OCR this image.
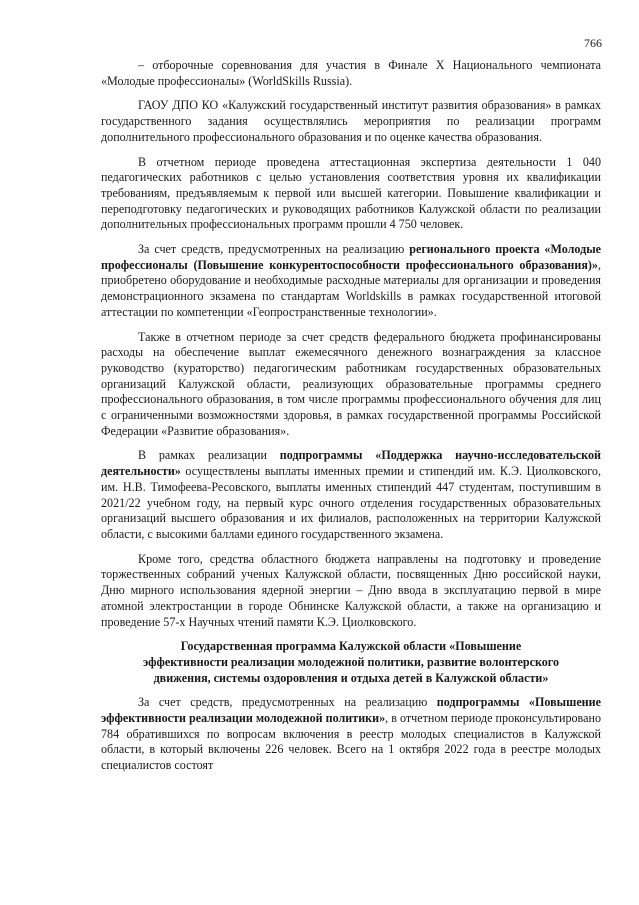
766

– отборочные соревнования для участия в Финале X Национального чемпионата «Молодые профессионалы» (WorldSkills Russia).

ГАОУ ДПО КО «Калужский государственный институт развития образования» в рамках государственного задания осуществлялись мероприятия по реализации программ дополнительного профессионального образования и по оценке качества образования.

В отчетном периоде проведена аттестационная экспертиза деятельности 1 040 педагогических работников с целью установления соответствия уровня их квалификации требованиям, предъявляемым к первой или высшей категории. Повышение квалификации и переподготовку педагогических и руководящих работников Калужской области по реализации дополнительных профессиональных программ прошли 4 750 человек.

За счет средств, предусмотренных на реализацию регионального проекта «Молодые профессионалы (Повышение конкурентоспособности профессионального образования)», приобретено оборудование и необходимые расходные материалы для организации и проведения демонстрационного экзамена по стандартам Worldskills в рамках государственной итоговой аттестации по компетенции «Геопространственные технологии».

Также в отчетном периоде за счет средств федерального бюджета профинансированы расходы на обеспечение выплат ежемесячного денежного вознаграждения за классное руководство (кураторство) педагогическим работникам государственных образовательных организаций Калужской области, реализующих образовательные программы среднего профессионального образования, в том числе программы профессионального обучения для лиц с ограниченными возможностями здоровья, в рамках государственной программы Российской Федерации «Развитие образования».

В рамках реализации подпрограммы «Поддержка научно-исследовательской деятельности» осуществлены выплаты именных премии и стипендий им. К.Э. Циолковского, им. Н.В. Тимофеева-Ресовского, выплаты именных стипендий 447 студентам, поступившим в 2021/22 учебном году, на первый курс очного отделения государственных образовательных организаций высшего образования и их филиалов, расположенных на территории Калужской области, с высокими баллами единого государственного экзамена.

Кроме того, средства областного бюджета направлены на подготовку и проведение торжественных собраний ученых Калужской области, посвященных Дню российской науки, Дню мирного использования ядерной энергии – Дню ввода в эксплуатацию первой в мире атомной электростанции в городе Обнинске Калужской области, а также на организацию и проведение 57-х Научных чтений памяти К.Э. Циолковского.

Государственная программа Калужской области «Повышение
эффективности реализации молодежной политики, развитие волонтерского
движения, системы оздоровления и отдыха детей в Калужской области»

За счет средств, предусмотренных на реализацию подпрограммы «Повышение эффективности реализации молодежной политики», в отчетном периоде проконсультировано 784 обратившихся по вопросам включения в реестр молодых специалистов в Калужской области, в который включены 226 человек. Всего на 1 октября 2022 года в реестре молодых специалистов состоят
